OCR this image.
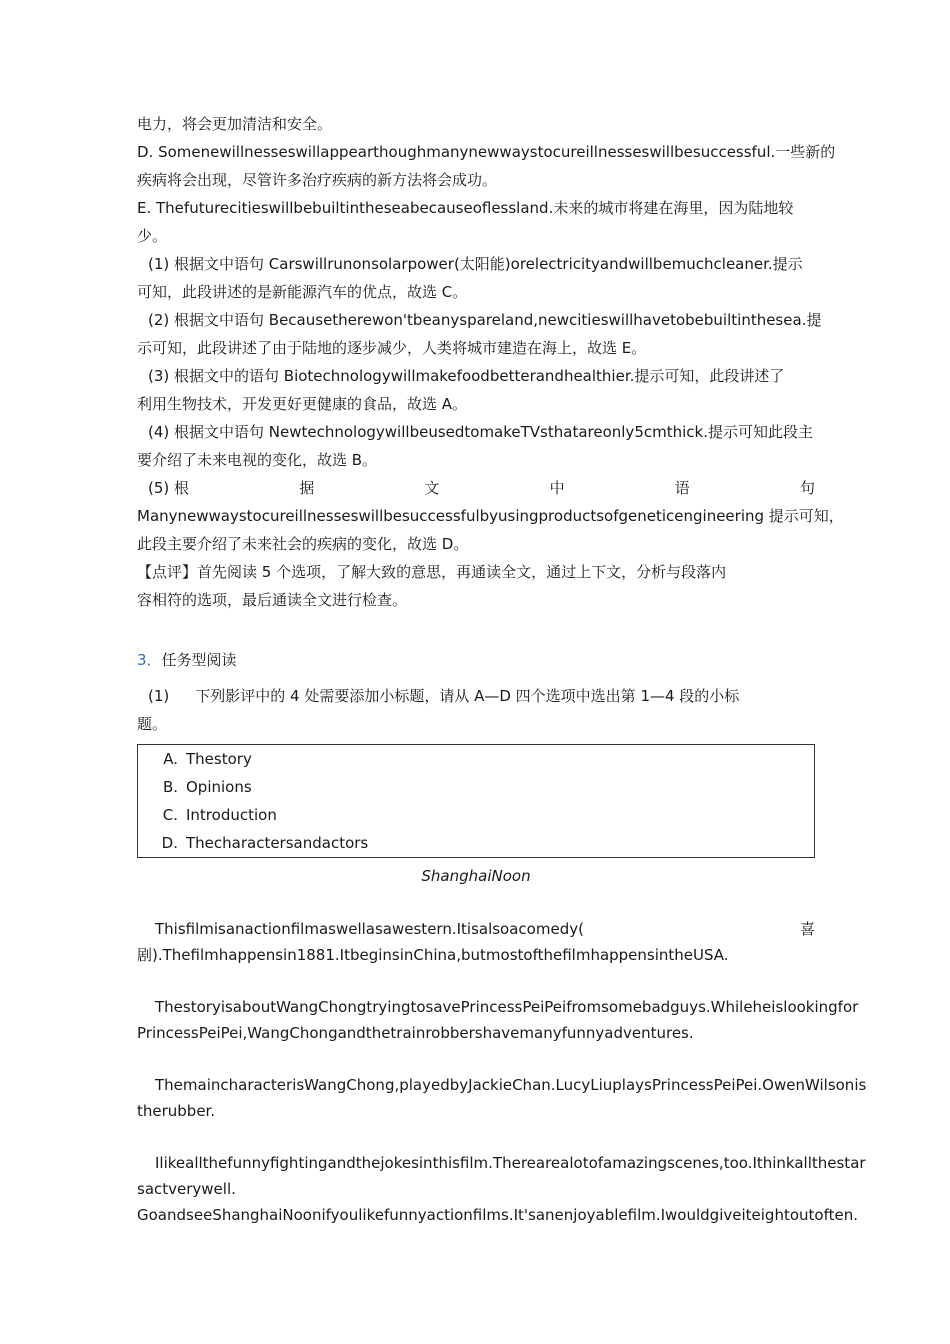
电力，将会更加清洁和安全。

D. Somenewillnesseswillappearthoughmanynewwaystocureillnesseswillbesuccessful.一些新的

疾病将会出现，尽管许多治疗疾病的新方法将会成功。

E. Thefuturecitieswillbebuiltintheseabecauseoflessland.未来的城市将建在海里，因为陆地较

少。

(1) 根据文中语句 Carswillrunonsolarpower(太阳能)orelectricityandwillbemuchcleaner.提示

可知，此段讲述的是新能源汽车的优点，故选 C。

(2) 根据文中语句 Becausetherewon'tbeanyspareland,newcitieswillhavetobebuiltinthesea.提

示可知，此段讲述了由于陆地的逐步减少，人类将城市建造在海上，故选 E。

(3) 根据文中的语句 Biotechnologywillmakefoodbetterandhealthier.提示可知，此段讲述了

利用生物技术，开发更好更健康的食品，故选 A。

(4) 根据文中语句 NewtechnologywillbeusedtomakeTVsthatareonly5cmthick.提示可知此段主

要介绍了未来电视的变化，故选 B。

(5) 根	据	文	中	语	句

Manynewwaystocureillnesseswillbesuccessfulbyusingproductsofgeneticengineering 提示可知，

此段主要介绍了未来社会的疾病的变化，故选 D。

【点评】首先阅读 5 个选项，了解大致的意思，再通读全文，通过上下文，分析与段落内

容相符的选项，最后通读全文进行检查。

3．任务型阅读

(1) 下列影评中的 4 处需要添加小标题，请从 A—D 四个选项中选出第 1—4 段的小标

题。

A. Thestory
B. Opinions
C. Introduction
D. Thecharactersandactors

ShanghaiNoon

Thisfilmisanactionfilmaswellasawestern.Itisalsoacomedy(	喜
剧).Thefilmhappensin1881.ItbeginsinChina,butmostofthefilmhappensintheUSA.
ThestoryisaboutWangChongtryingtosavePrincessPeiPeifromsomebadguys.Whileheislookingfor
PrincessPeiPei,WangChongandthetrainrobbershavemanyfunnyadventures.
ThemaincharacterisWangChong,playedbyJackieChan.LucyLiuplaysPrincessPeiPei.OwenWilsonis
therubber.
Ilikeallthefunnyfightingandthejokesinthisfilm.Therearealotofamazingscenes,too.Ithinkallthestar
sactverywell.
GoandseeShanghaiNoonifyoulikefunnyactionfilms.It'sanenjoyablefilm.Iwouldgiveiteightoutoften.
